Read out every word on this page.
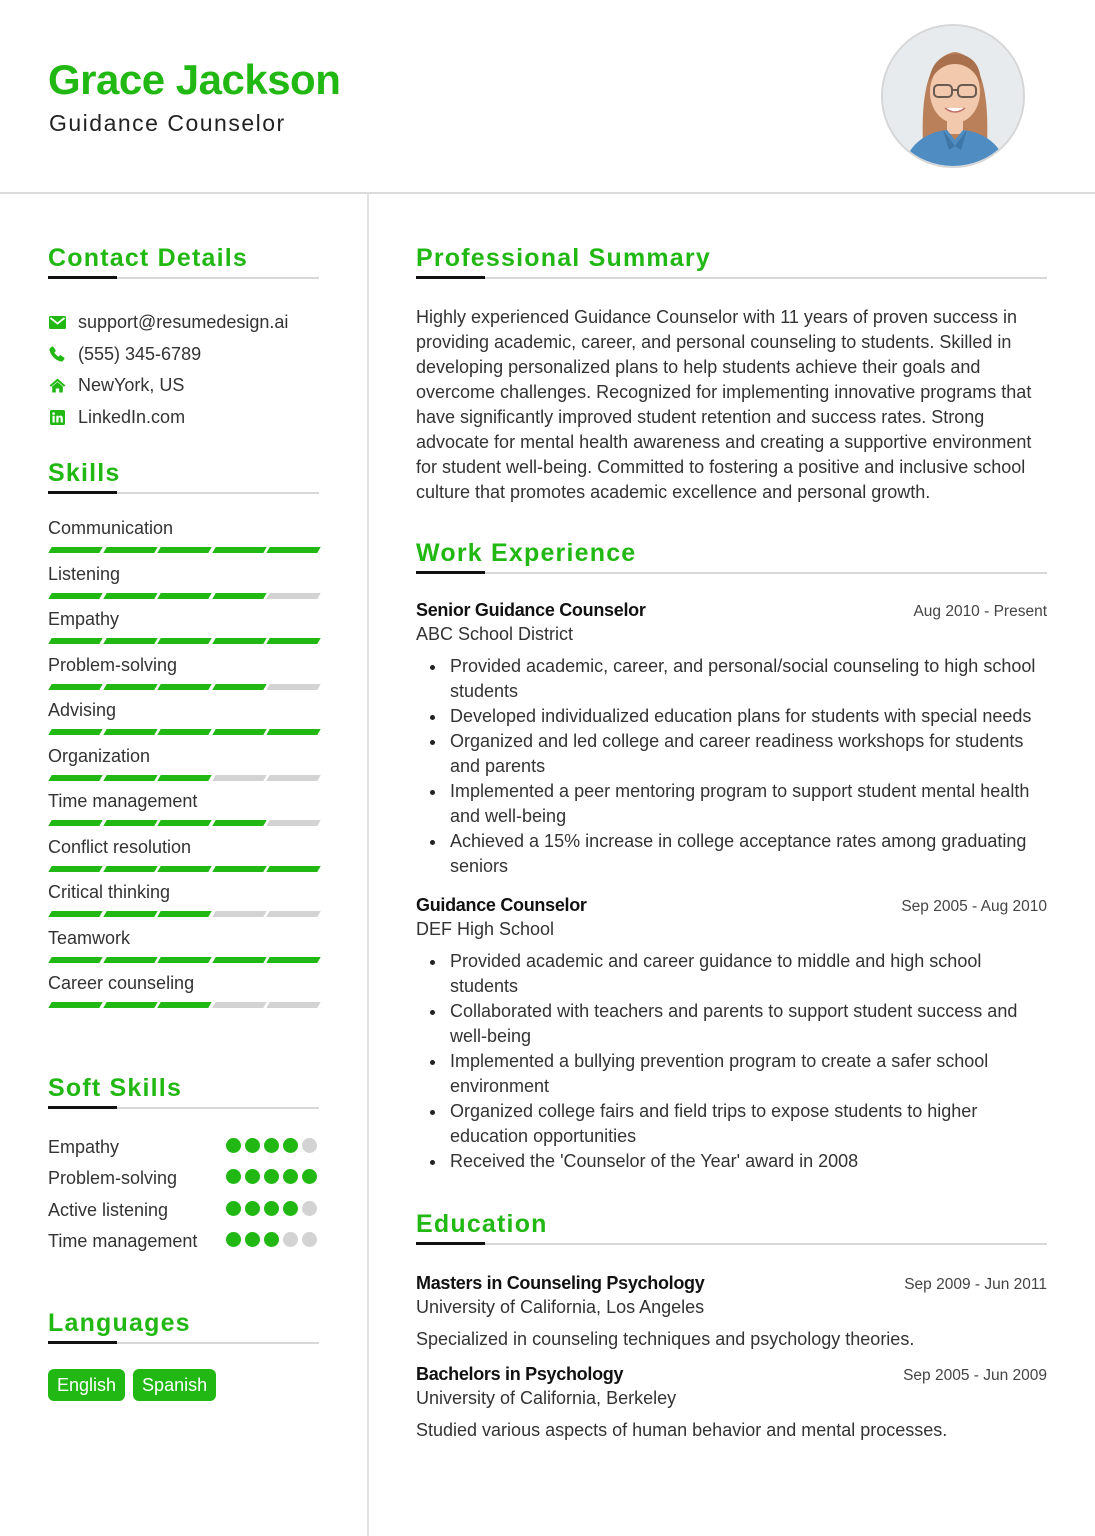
Grace Jackson
Guidance Counselor
Contact Details
support@resumedesign.ai
(555) 345-6789
NewYork, US
LinkedIn.com
Skills
Communication
Listening
Empathy
Problem-solving
Advising
Organization
Time management
Conflict resolution
Critical thinking
Teamwork
Career counseling
Soft Skills
Empathy
Problem-solving
Active listening
Time management
Languages
English	Spanish
Professional Summary

Highly experienced Guidance Counselor with 11 years of proven success in providing academic, career, and personal counseling to students. Skilled in developing personalized plans to help students achieve their goals and overcome challenges. Recognized for implementing innovative programs that have significantly improved student retention and success rates. Strong advocate for mental health awareness and creating a supportive environment for student well-being. Committed to fostering a positive and inclusive school culture that promotes academic excellence and personal growth.

Work Experience
Senior Guidance Counselor	Aug 2010 - Present
ABC School District
Provided academic, career, and personal/social counseling to high school students
Developed individualized education plans for students with special needs
Organized and led college and career readiness workshops for students and parents
Implemented a peer mentoring program to support student mental health and well-being
Achieved a 15% increase in college acceptance rates among graduating seniors
Guidance Counselor	Sep 2005 - Aug 2010
DEF High School
Provided academic and career guidance to middle and high school students
Collaborated with teachers and parents to support student success and well-being
Implemented a bullying prevention program to create a safer school environment
Organized college fairs and field trips to expose students to higher education opportunities
Received the 'Counselor of the Year' award in 2008
Education
Masters in Counseling Psychology	Sep 2009 - Jun 2011
University of California, Los Angeles
Specialized in counseling techniques and psychology theories.
Bachelors in Psychology	Sep 2005 - Jun 2009
University of California, Berkeley
Studied various aspects of human behavior and mental processes.
